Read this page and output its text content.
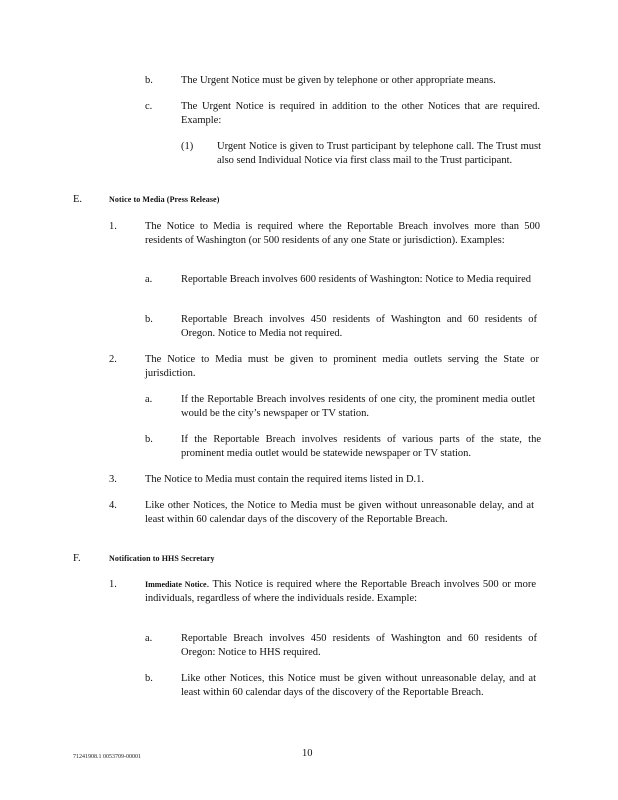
b.	The Urgent Notice must be given by telephone or other appropriate means.
c.	The Urgent Notice is required in addition to the other Notices that are required. Example:
(1) Urgent Notice is given to Trust participant by telephone call. The Trust must also send Individual Notice via first class mail to the Trust participant.
E.	Notice to Media (Press Release)
1.	The Notice to Media is required where the Reportable Breach involves more than 500 residents of Washington (or 500 residents of any one State or jurisdiction). Examples:
a.	Reportable Breach involves 600 residents of Washington: Notice to Media required
b.	Reportable Breach involves 450 residents of Washington and 60 residents of Oregon. Notice to Media not required.
2.	The Notice to Media must be given to prominent media outlets serving the State or jurisdiction.
a.	If the Reportable Breach involves residents of one city, the prominent media outlet would be the city’s newspaper or TV station.
b.	If the Reportable Breach involves residents of various parts of the state, the prominent media outlet would be statewide newspaper or TV station.
3.	The Notice to Media must contain the required items listed in D.1.
4.	Like other Notices, the Notice to Media must be given without unreasonable delay, and at least within 60 calendar days of the discovery of the Reportable Breach.
F.	Notification to HHS Secretary
1.	Immediate Notice. This Notice is required where the Reportable Breach involves 500 or more individuals, regardless of where the individuals reside. Example:
a.	Reportable Breach involves 450 residents of Washington and 60 residents of Oregon: Notice to HHS required.
b.	Like other Notices, this Notice must be given without unreasonable delay, and at least within 60 calendar days of the discovery of the Reportable Breach.
71241908.1 0053709-00001	10
